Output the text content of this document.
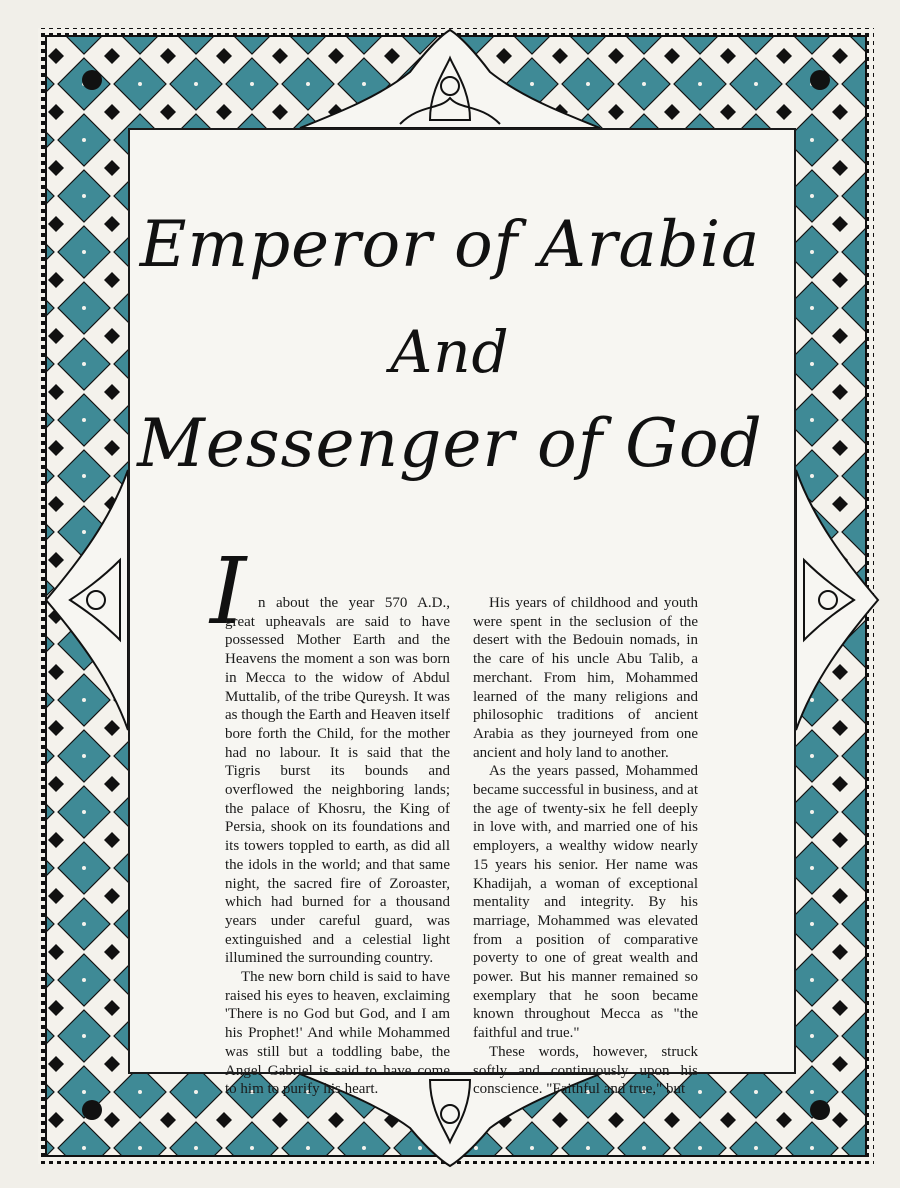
Emperor of Arabia
And
Messenger of God
I n about the year 570 A.D., great upheavals are said to have possessed Mother Earth and the Heavens the moment a son was born in Mecca to the widow of Abdul Muttalib, of the tribe Qureysh. It was as though the Earth and Heaven itself bore forth the Child, for the mother had no labour. It is said that the Tigris burst its bounds and overflowed the neighboring lands; the palace of Khosru, the King of Persia, shook on its foundations and its towers toppled to earth, as did all the idols in the world; and that same night, the sacred fire of Zoroaster, which had burned for a thousand years under careful guard, was extinguished and a celestial light illumined the surrounding country.

The new born child is said to have raised his eyes to heaven, exclaiming 'There is no God but God, and I am his Prophet!' And while Mohammed was still but a toddling babe, the Angel Gabriel is said to have come to him to purify his heart.

His years of childhood and youth were spent in the seclusion of the desert with the Bedouin nomads, in the care of his uncle Abu Talib, a merchant. From him, Mohammed learned of the many religions and philosophic traditions of ancient Arabia as they journeyed from one ancient and holy land to another.

As the years passed, Mohammed became successful in business, and at the age of twenty-six he fell deeply in love with, and married one of his employers, a wealthy widow nearly 15 years his senior. Her name was Khadijah, a woman of exceptional mentality and integrity. By his marriage, Mohammed was elevated from a position of comparative poverty to one of great wealth and power. But his manner remained so exemplary that he soon became known throughout Mecca as "the faithful and true."

These words, however, struck softly and continuously upon his conscience. "Faithful and true," but
